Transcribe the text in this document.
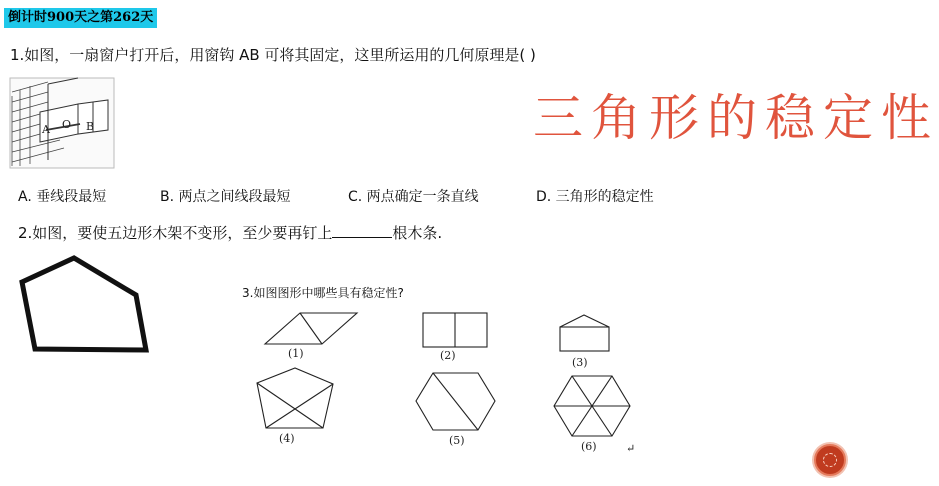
倒计时900天之第262天
1.如图，一扇窗户打开后，用窗钩 AB 可将其固定，这里所运用的几何原理是( )
三角形的稳定性
A. 垂线段最短	B. 两点之间线段最短	C. 两点确定一条直线	D. 三角形的稳定性
2.如图，要使五边形木架不变形，至少要再钉上	根木条.
3.如图图形中哪些具有稳定性?
A O B
(1)	(2)
(3)
(4)	(5)	(6)	↵
